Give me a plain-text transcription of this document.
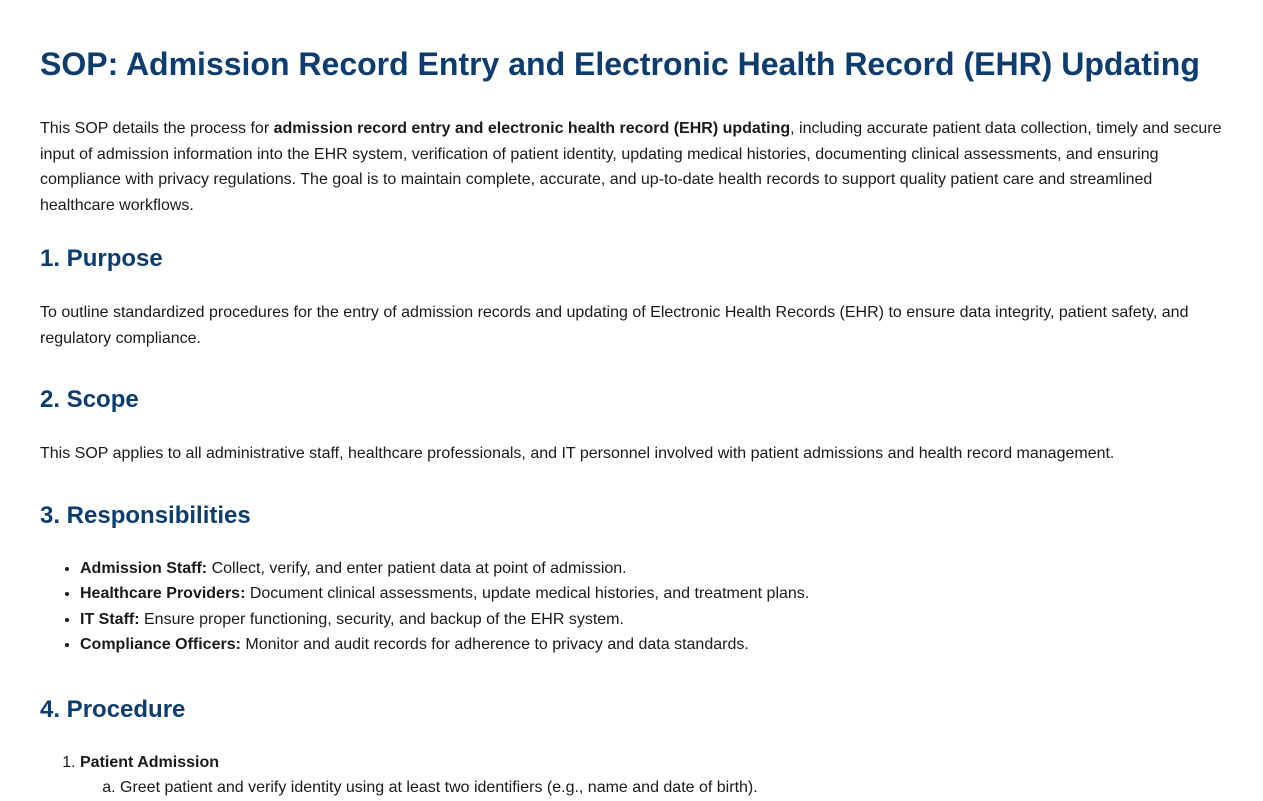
SOP: Admission Record Entry and Electronic Health Record (EHR) Updating

This SOP details the process for admission record entry and electronic health record (EHR) updating, including accurate patient data collection, timely and secure input of admission information into the EHR system, verification of patient identity, updating medical histories, documenting clinical assessments, and ensuring compliance with privacy regulations. The goal is to maintain complete, accurate, and up-to-date health records to support quality patient care and streamlined healthcare workflows.

1. Purpose

To outline standardized procedures for the entry of admission records and updating of Electronic Health Records (EHR) to ensure data integrity, patient safety, and regulatory compliance.

2. Scope

This SOP applies to all administrative staff, healthcare professionals, and IT personnel involved with patient admissions and health record management.

3. Responsibilities
• Admission Staff: Collect, verify, and enter patient data at point of admission.
• Healthcare Providers: Document clinical assessments, update medical histories, and treatment plans.
• IT Staff: Ensure proper functioning, security, and backup of the EHR system.
• Compliance Officers: Monitor and audit records for adherence to privacy and data standards.
4. Procedure
1. Patient Admission
a. Greet patient and verify identity using at least two identifiers (e.g., name and date of birth).
